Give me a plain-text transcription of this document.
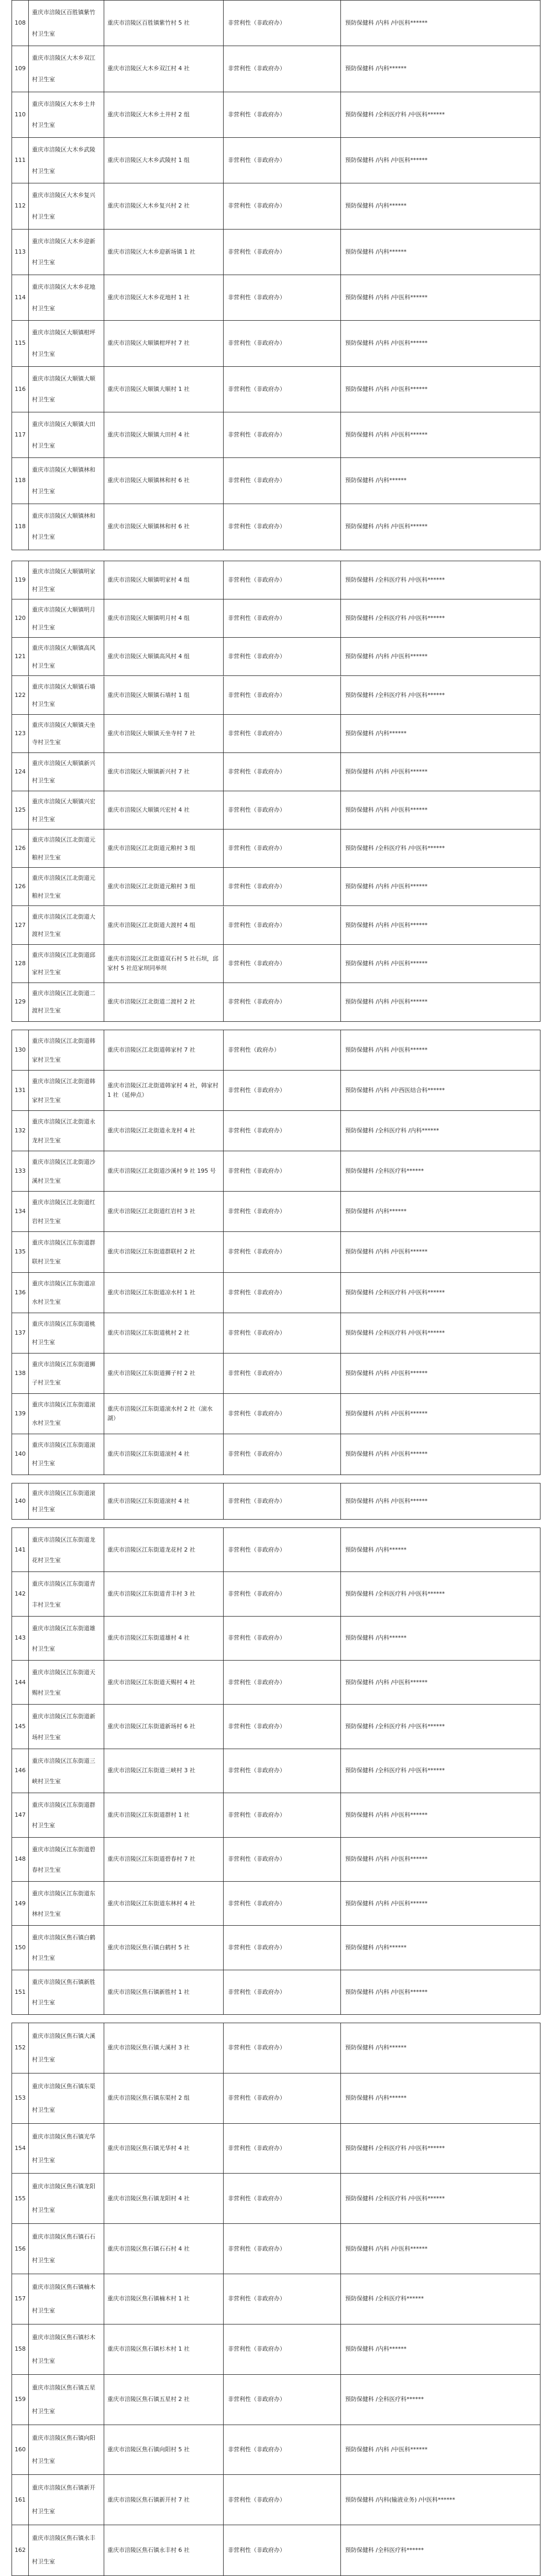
108
重庆市涪陵区百胜镇紫竹村卫生室
重庆市涪陵区百胜镇紫竹村 5 社	非营利性（非政府办）	预防保健科 /内科 /中医科******
109
重庆市涪陵区大木乡双江村卫生室
重庆市涪陵区大木乡双江村 4 社	非营利性（非政府办）	预防保健科 /内科******
110
重庆市涪陵区大木乡土井村卫生室
重庆市涪陵区大木乡土井村 2 组	非营利性（非政府办）	预防保健科 /全科医疗科 /中医科******
111
重庆市涪陵区大木乡武陵村卫生室
重庆市涪陵区大木乡武陵村 1 组	非营利性（非政府办）	预防保健科 /内科 /中医科******
112
重庆市涪陵区大木乡复兴村卫生室
重庆市涪陵区大木乡复兴村 2 社	非营利性（非政府办）	预防保健科 /内科******
113
重庆市涪陵区大木乡迎新村卫生室
重庆市涪陵区大木乡迎新场镇 1 社	非营利性（非政府办）	预防保健科 /内科******
114
重庆市涪陵区大木乡花地村卫生室
重庆市涪陵区大木乡花地村 1 社	非营利性（非政府办）	预防保健科 /内科 /中医科******
115
重庆市涪陵区大顺镇柑坪村卫生室
重庆市涪陵区大顺镇柑坪村 7 社	非营利性（非政府办）	预防保健科 /内科 /中医科******
116
重庆市涪陵区大顺镇大顺村卫生室
重庆市涪陵区大顺镇大顺村 1 社	非营利性（非政府办）	预防保健科 /内科 /中医科******
117
重庆市涪陵区大顺镇大田村卫生室
重庆市涪陵区大顺镇大田村 4 社	非营利性（非政府办）	预防保健科 /内科 /中医科******
118
重庆市涪陵区大顺镇林和村卫生室
重庆市涪陵区大顺镇林和村 6 社	非营利性（非政府办）	预防保健科 /内科******
118
重庆市涪陵区大顺镇林和村卫生室
重庆市涪陵区大顺镇林和村 6 社	非营利性（非政府办）	预防保健科 /内科 /中医科******
119
重庆市涪陵区大顺镇明家村卫生室
重庆市涪陵区大顺镇明家村 4 组	非营利性（非政府办）	预防保健科 /全科医疗科 /中医科******
120
重庆市涪陵区大顺镇明月村卫生室
重庆市涪陵区大顺镇明月村 4 组	非营利性（非政府办）	预防保健科 /全科医疗科 /中医科******
121
重庆市涪陵区大顺镇高风村卫生室
重庆市涪陵区大顺镇高风村 4 组	非营利性（非政府办）	预防保健科 /内科 /中医科******
122
重庆市涪陵区大顺镇石墙村卫生室
重庆市涪陵区大顺镇石墙村 1 组	非营利性（非政府办）	预防保健科 /全科医疗科 /中医科******
123
重庆市涪陵区大顺镇天坐寺村卫生室
重庆市涪陵区大顺镇天坐寺村 7 社	非营利性（非政府办）	预防保健科 /内科******
124
重庆市涪陵区大顺镇新兴村卫生室
重庆市涪陵区大顺镇新兴村 7 社	非营利性（非政府办）	预防保健科 /内科 /中医科******
125
重庆市涪陵区大顺镇兴宏村卫生室
重庆市涪陵区大顺镇兴宏村 4 社	非营利性（非政府办）	预防保健科 /内科 /中医科******
126
重庆市涪陵区江北街道元粮村卫生室
重庆市涪陵区江北街道元粮村 3 组	非营利性（非政府办）	预防保健科 /全科医疗科 /中医科******
126
重庆市涪陵区江北街道元粮村卫生室
重庆市涪陵区江北街道元粮村 3 组	非营利性（非政府办）	预防保健科 /内科 /中医科******
127
重庆市涪陵区江北街道大渡村卫生室
重庆市涪陵区江北街道大渡村 4 组	非营利性（非政府办）	预防保健科 /内科 /中医科******
128
重庆市涪陵区江北街道邱家村卫生室
重庆市涪陵区江北街道双石村 5 社石坝，邱家村 5 社范家坝同举坝
非营利性（非政府办）	预防保健科 /内科 /中医科******
129
重庆市涪陵区江北街道二渡村卫生室
重庆市涪陵区江北街道二渡村 2 社	非营利性（非政府办）	预防保健科 /内科 /中医科******
130
重庆市涪陵区江北街道韩家村卫生室
重庆市涪陵区江北街道韩家村 7 社	非营利性（政府办）	预防保健科 /内科 /中医科******
131
重庆市涪陵区江北街道韩家村卫生室
重庆市涪陵区江北街道韩家村 4 社，韩家村 1 社（延伸点）
非营利性（非政府办）	预防保健科 /内科 /中西医结合科******
132
重庆市涪陵区江北街道永龙村卫生室
重庆市涪陵区江北街道永龙村 4 社	非营利性（非政府办）	预防保健科 /全科医疗科 /内科******
133
重庆市涪陵区江北街道沙溪村卫生室
重庆市涪陵区江北街道沙溪村 9 社 195 号 非营利性（非政府办）	预防保健科 /全科医疗科******
134
重庆市涪陵区江北街道红岩村卫生室
重庆市涪陵区江北街道红岩村 3 社	非营利性（非政府办）	预防保健科 /内科******
135
重庆市涪陵区江东街道群联村卫生室
重庆市涪陵区江东街道群联村 2 社	非营利性（非政府办）	预防保健科 /内科 /中医科******
136
重庆市涪陵区江东街道凉水村卫生室
重庆市涪陵区江东街道凉水村 1 社	非营利性（非政府办）	预防保健科 /全科医疗科 /中医科******
137
重庆市涪陵区江东街道桃村卫生室
重庆市涪陵区江东街道桃村 2 社	非营利性（非政府办）	预防保健科 /全科医疗科 /中医科******
138
重庆市涪陵区江东街道狮子村卫生室
重庆市涪陵区江东街道狮子村 2 社	非营利性（非政府办）	预防保健科 /内科 /中医科******
139
重庆市涪陵区江东街道滚水村卫生室
重庆市涪陵区江东街道滚水村 2 社（滚水湖）
非营利性（非政府办）	预防保健科 /内科 /中医科******
140
重庆市涪陵区江东街道滚村卫生室
重庆市涪陵区江东街道滚村 4 社	非营利性（非政府办）	预防保健科 /内科 /中医科******
140
重庆市涪陵区江东街道滚村卫生室
重庆市涪陵区江东街道滚村 4 社	非营利性（非政府办）	预防保健科 /内科 /中医科******
141
重庆市涪陵区江东街道龙花村卫生室
重庆市涪陵区江东街道龙花村 2 社	非营利性（非政府办）	预防保健科 /内科******
142
重庆市涪陵区江东街道青丰村卫生室
重庆市涪陵区江东街道青丰村 3 社	非营利性（非政府办）	预防保健科 /全科医疗科 /中医科******
143
重庆市涪陵区江东街道雄村卫生室
重庆市涪陵区江东街道雄村 4 社	非营利性（非政府办）	预防保健科 /内科******
144
重庆市涪陵区江东街道天赐村卫生室
重庆市涪陵区江东街道天赐村 4 社	非营利性（非政府办）	预防保健科 /内科 /中医科******
145
重庆市涪陵区江东街道新场村卫生室
重庆市涪陵区江东街道新场村 6 社	非营利性（非政府办）	预防保健科 /全科医疗科 /中医科******
146
重庆市涪陵区江东街道三峡村卫生室
重庆市涪陵区江东街道三峡村 3 社	非营利性（非政府办）	预防保健科 /全科医疗科 /中医科******
147
重庆市涪陵区江东街道群村卫生室
重庆市涪陵区江东街道群村 1 社	非营利性（非政府办）	预防保健科 /内科 /中医科******
148
重庆市涪陵区江东街道碧春村卫生室
重庆市涪陵区江东街道碧春村 7 社	非营利性（非政府办）	预防保健科 /内科 /中医科******
149
重庆市涪陵区江东街道东林村卫生室
重庆市涪陵区江东街道东林村 4 社	非营利性（非政府办）	预防保健科 /内科 /中医科******
150
重庆市涪陵区焦石镇白鹤村卫生室
重庆市涪陵区焦石镇白鹤村 5 社	非营利性（非政府办）	预防保健科 /内科******
151
重庆市涪陵区焦石镇新胜村卫生室
重庆市涪陵区焦石镇新胜村 1 社	非营利性（非政府办）	预防保健科 /内科 /中医科******
152
重庆市涪陵区焦石镇大溪村卫生室
重庆市涪陵区焦石镇大溪村 3 社	非营利性（非政府办）	预防保健科 /内科******
153
重庆市涪陵区焦石镇东渠村卫生室
重庆市涪陵区焦石镇东渠村 2 组	非营利性（非政府办）	预防保健科 /内科******
154
重庆市涪陵区焦石镇光华村卫生室
重庆市涪陵区焦石镇光华村 4 社	非营利性（非政府办）	预防保健科 /全科医疗科 /中医科******
155
重庆市涪陵区焦石镇龙阳村卫生室
重庆市涪陵区焦石镇龙阳村 4 社	非营利性（非政府办）	预防保健科 /全科医疗科 /中医科******
156
重庆市涪陵区焦石镇石石村卫生室
重庆市涪陵区焦石镇石石村 4 社	非营利性（非政府办）	预防保健科 /内科 /中医科******
157
重庆市涪陵区焦石镇楠木村卫生室
重庆市涪陵区焦石镇楠木村 1 社	非营利性（非政府办）	预防保健科 /全科医疗科******
158
重庆市涪陵区焦石镇杉木村卫生室
重庆市涪陵区焦石镇杉木村 1 社	非营利性（非政府办）	预防保健科 /内科******
159
重庆市涪陵区焦石镇五星村卫生室
重庆市涪陵区焦石镇五星村 2 社	非营利性（非政府办）	预防保健科 /全科医疗科******
160
重庆市涪陵区焦石镇向阳村卫生室
重庆市涪陵区焦石镇向阳村 5 社	非营利性（非政府办）	预防保健科 /内科 /中医科******
161
重庆市涪陵区焦石镇新开村卫生室
重庆市涪陵区焦石镇新开村 7 社	非营利性（非政府办）	预防保健科 /内科(输液业务) /中医科******
162
重庆市涪陵区焦石镇永丰村卫生室
重庆市涪陵区焦石镇永丰村 6 社	非营利性（非政府办）	预防保健科 /全科医疗科******
